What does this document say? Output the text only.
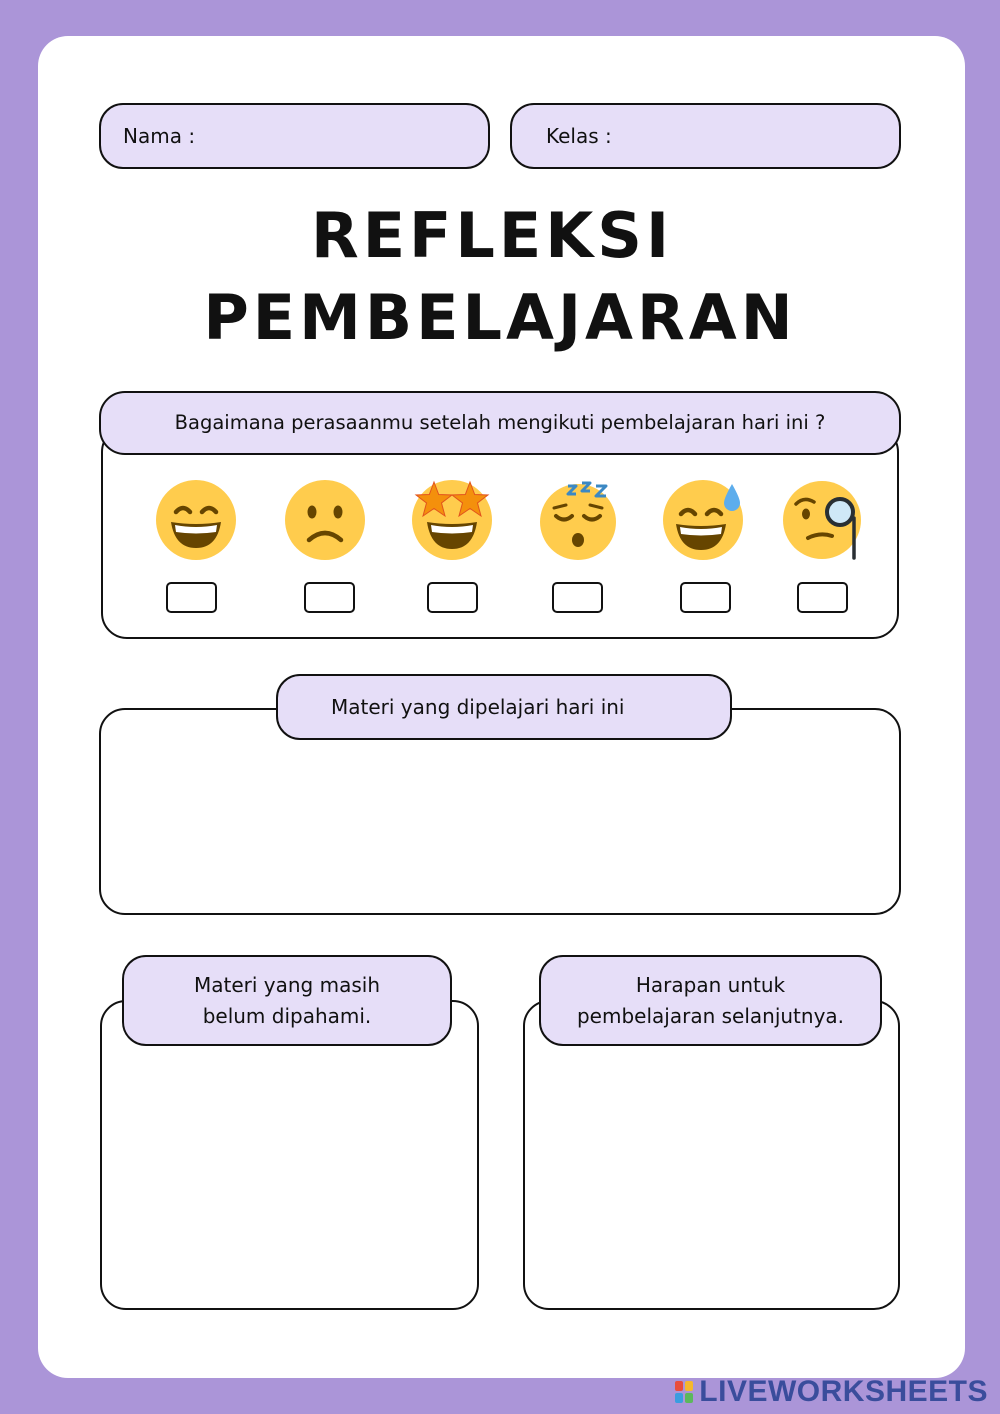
Nama :	Kelas :
REFLEKSI
PEMBELAJARAN
Bagaimana perasaanmu setelah mengikuti pembelajaran hari ini ?
Materi yang dipelajari hari ini
Materi yang masih
belum dipahami.
Harapan untuk
pembelajaran selanjutnya.
LIVEWORKSHEETS
